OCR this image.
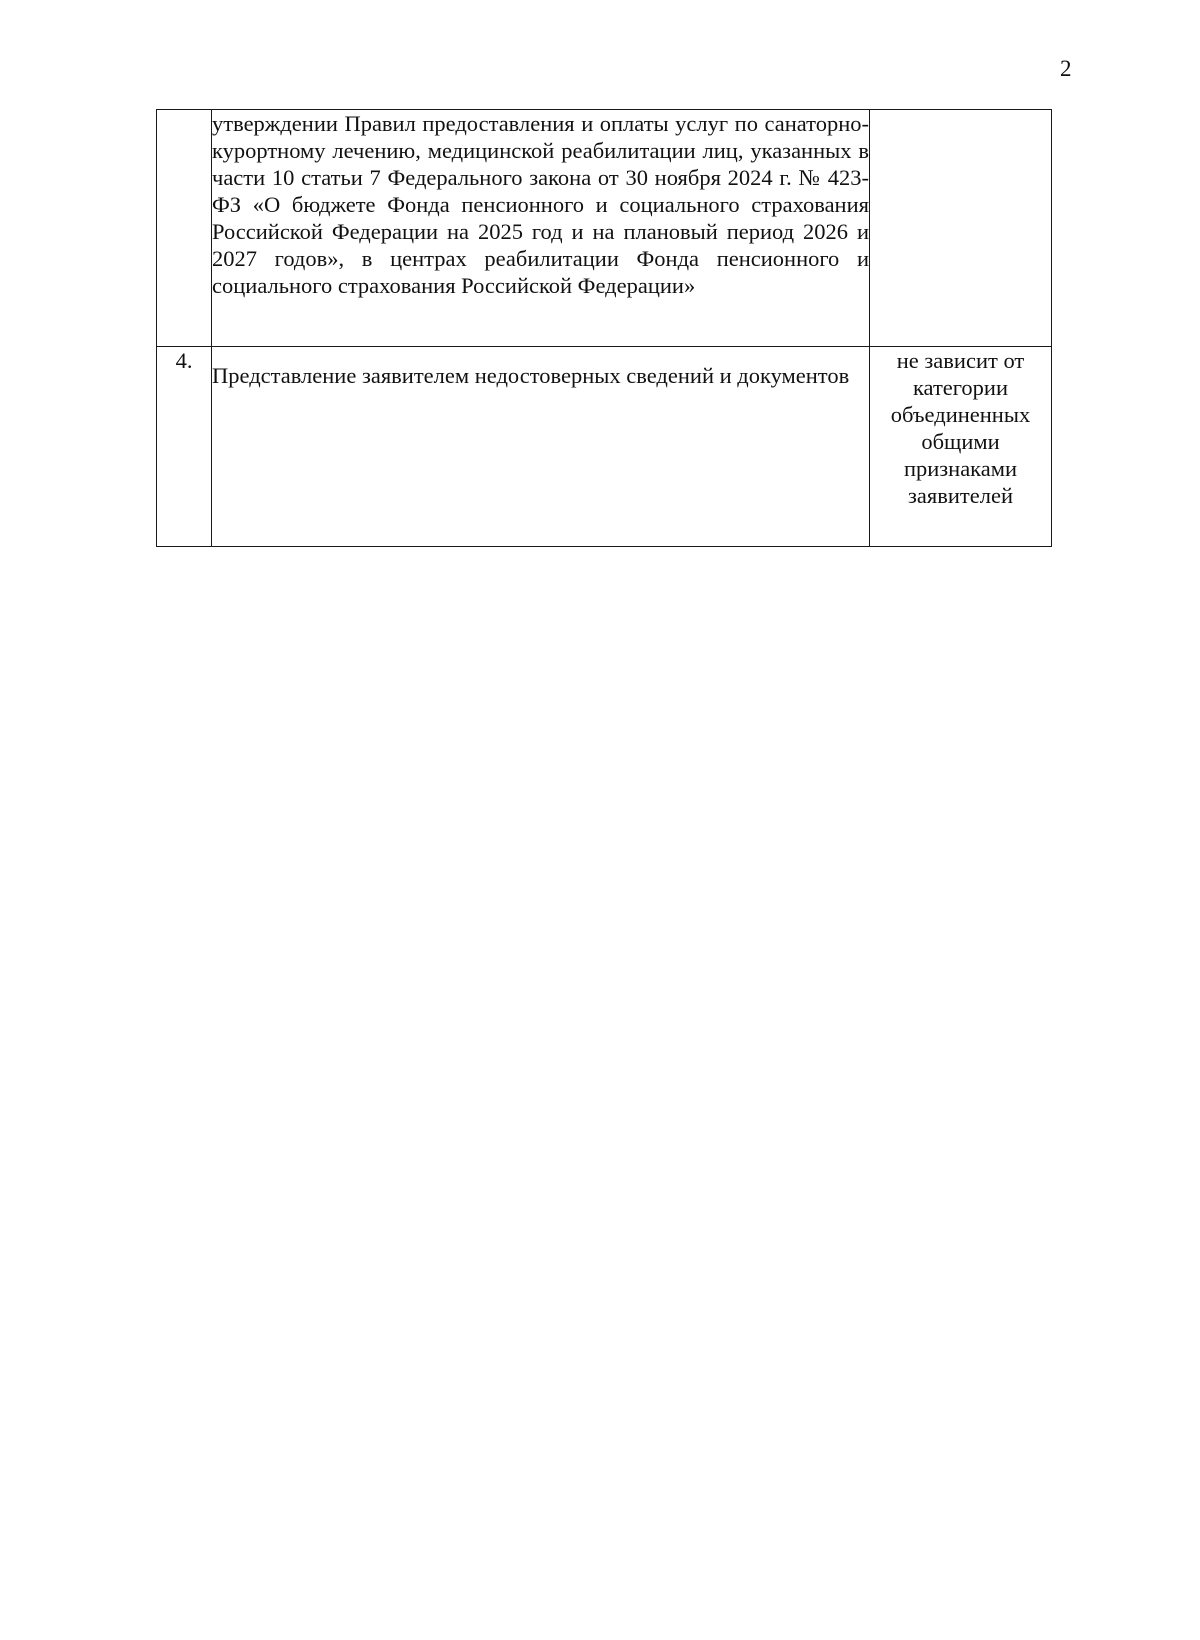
2
	утверждении Правил предоставления и оплаты услуг по санаторно-курортному лечению, медицинской реабилитации лиц, указанных в части 10 статьи 7 Федерального закона от 30 ноября 2024 г. № 423-ФЗ «О бюджете Фонда пенсионного и социального страхования Российской Федерации на 2025 год и на плановый период 2026 и 2027 годов», в центрах реабилитации Фонда пенсионного и социального страхования Российской Федерации»	
4.	Представление заявителем недостоверных сведений и документов	не зависит от категории объединенных общими признаками заявителей
